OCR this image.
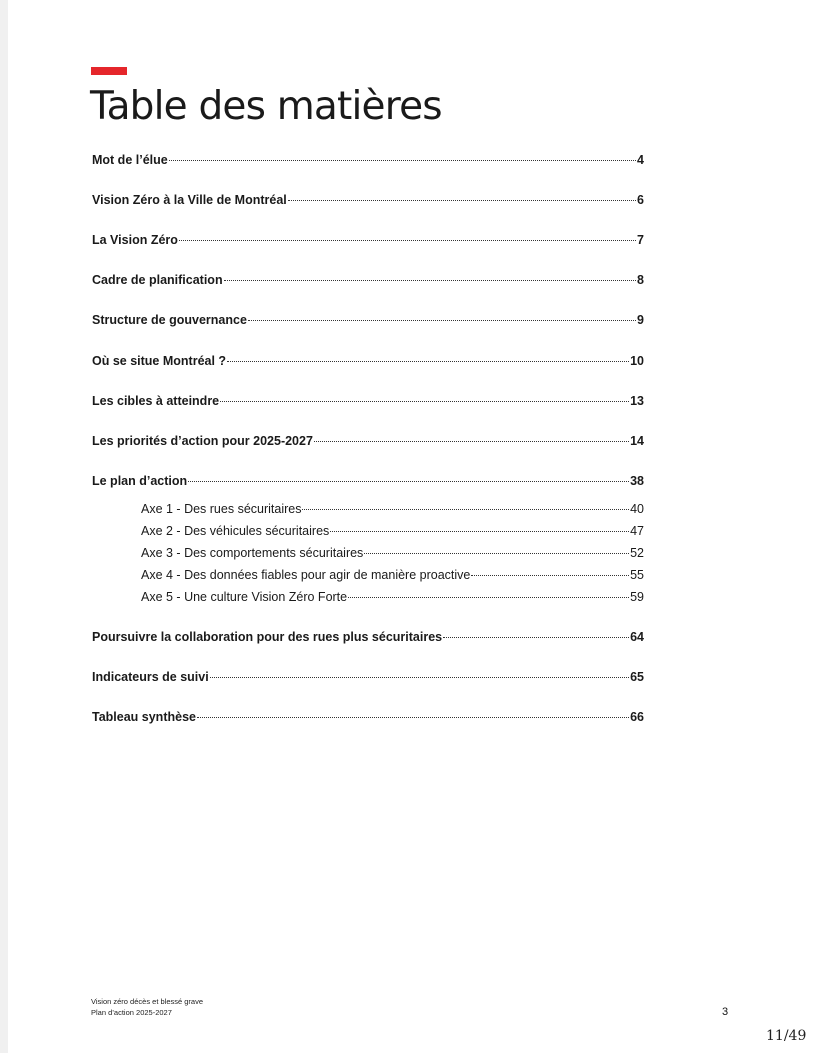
Table des matières
Mot de l’élue	4
Vision Zéro à la Ville de Montréal	6
La Vision Zéro	7
Cadre de planification	8
Structure de gouvernance	9
Où se situe Montréal ?	10
Les cibles à atteindre	13
Les priorités d’action pour 2025-2027	14
Le plan d’action	38
Axe 1 - Des rues sécuritaires	40
Axe 2 - Des véhicules sécuritaires	47
Axe 3 - Des comportements sécuritaires	52
Axe 4 - Des données fiables pour agir de manière proactive	55
Axe 5 - Une culture Vision Zéro Forte	59
Poursuivre la collaboration pour des rues plus sécuritaires	64
Indicateurs de suivi	65
Tableau synthèse	66
Vision zéro décès et blessé grave
Plan d’action 2025-2027	3
11/49
